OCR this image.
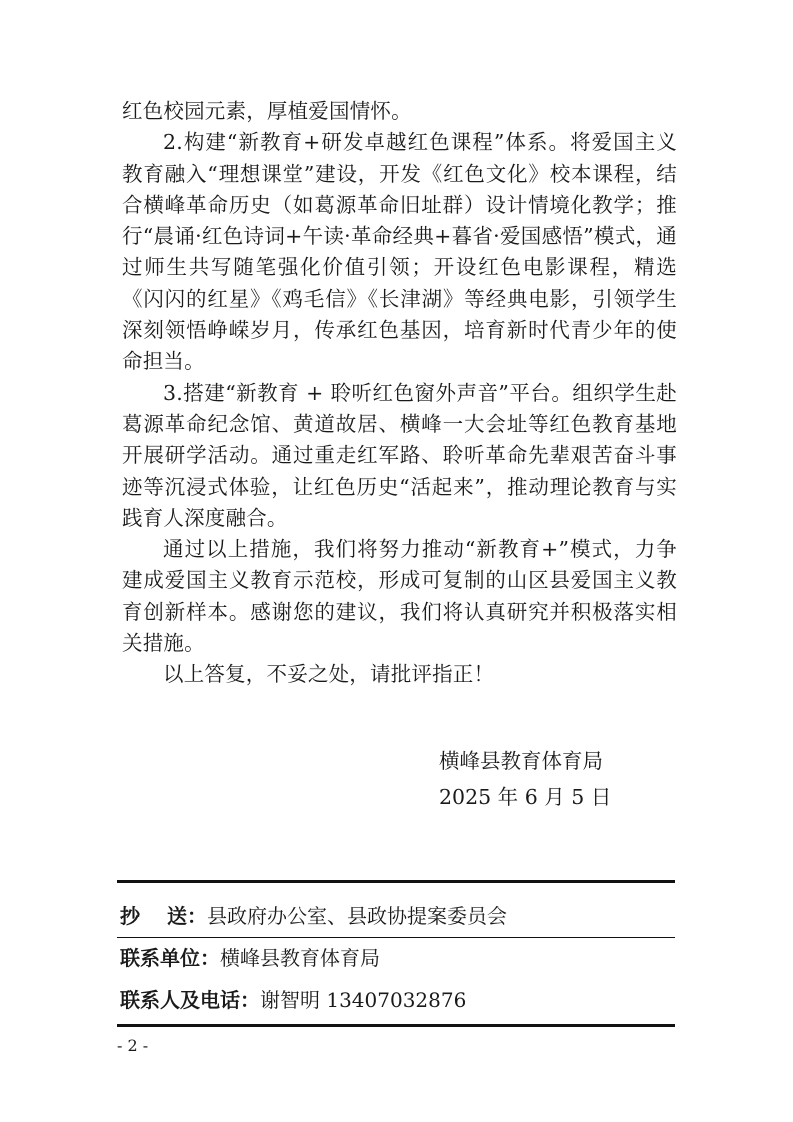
红色校园元素，厚植爱国情怀。

2.构建“新教育+研发卓越红色课程”体系。将爱国主义教育融入“理想课堂”建设，开发《红色文化》校本课程，结合横峰革命历史（如葛源革命旧址群）设计情境化教学；推行“晨诵·红色诗词+午读·革命经典+暮省·爱国感悟”模式，通过师生共写随笔强化价值引领；开设红色电影课程，精选《闪闪的红星》《鸡毛信》《长津湖》等经典电影，引领学生深刻领悟峥嵘岁月，传承红色基因，培育新时代青少年的使命担当。

3.搭建“新教育 + 聆听红色窗外声音”平台。组织学生赴葛源革命纪念馆、黄道故居、横峰一大会址等红色教育基地开展研学活动。通过重走红军路、聆听革命先辈艰苦奋斗事迹等沉浸式体验，让红色历史“活起来”，推动理论教育与实践育人深度融合。

通过以上措施，我们将努力推动“新教育+”模式，力争建成爱国主义教育示范校，形成可复制的山区县爱国主义教育创新样本。感谢您的建议，我们将认真研究并积极落实相关措施。

以上答复，不妥之处，请批评指正！

横峰县教育体育局
2025 年 6 月 5 日
抄　 送：县政府办公室、县政协提案委员会
联系单位：横峰县教育体育局
联系人及电话：谢智明 13407032876
- 2 -
